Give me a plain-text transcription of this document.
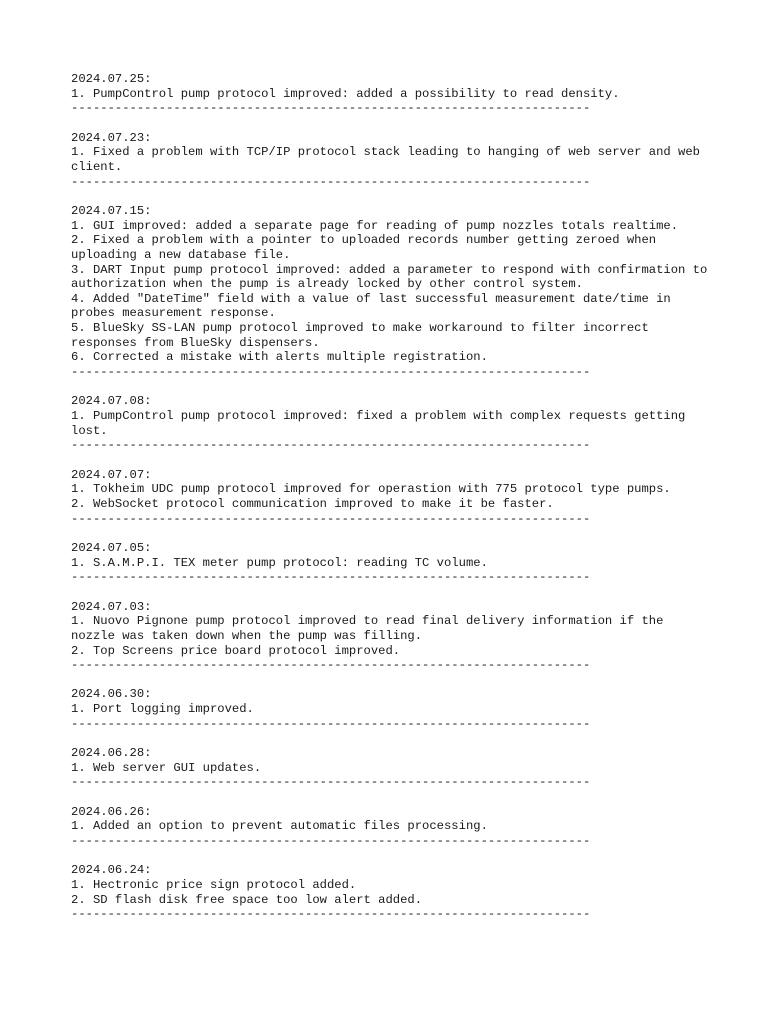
2024.07.25:
1. PumpControl pump protocol improved: added a possibility to read density.
-----------------------------------------------------------------------
2024.07.23:
1. Fixed a problem with TCP/IP protocol stack leading to hanging of web server and web client.
-----------------------------------------------------------------------
2024.07.15:
1. GUI improved: added a separate page for reading of pump nozzles totals realtime.
2. Fixed a problem with a pointer to uploaded records number getting zeroed when uploading a new database file.
3. DART Input pump protocol improved: added a parameter to respond with confirmation to authorization when the pump is already locked by other control system.
4. Added "DateTime" field with a value of last successful measurement date/time in probes measurement response.
5. BlueSky SS-LAN pump protocol improved to make workaround to filter incorrect responses from BlueSky dispensers.
6. Corrected a mistake with alerts multiple registration.
-----------------------------------------------------------------------
2024.07.08:
1. PumpControl pump protocol improved: fixed a problem with complex requests getting lost.
-----------------------------------------------------------------------
2024.07.07:
1. Tokheim UDC pump protocol improved for operastion with 775 protocol type pumps.
2. WebSocket protocol communication improved to make it be faster.
-----------------------------------------------------------------------
2024.07.05:
1. S.A.M.P.I. TEX meter pump protocol: reading TC volume.
-----------------------------------------------------------------------
2024.07.03:
1. Nuovo Pignone pump protocol improved to read final delivery information if the nozzle was taken down when the pump was filling.
2. Top Screens price board protocol improved.
-----------------------------------------------------------------------
2024.06.30:
1. Port logging improved.
-----------------------------------------------------------------------
2024.06.28:
1. Web server GUI updates.
-----------------------------------------------------------------------
2024.06.26:
1. Added an option to prevent automatic files processing.
-----------------------------------------------------------------------
2024.06.24:
1. Hectronic price sign protocol added.
2. SD flash disk free space too low alert added.
-----------------------------------------------------------------------
